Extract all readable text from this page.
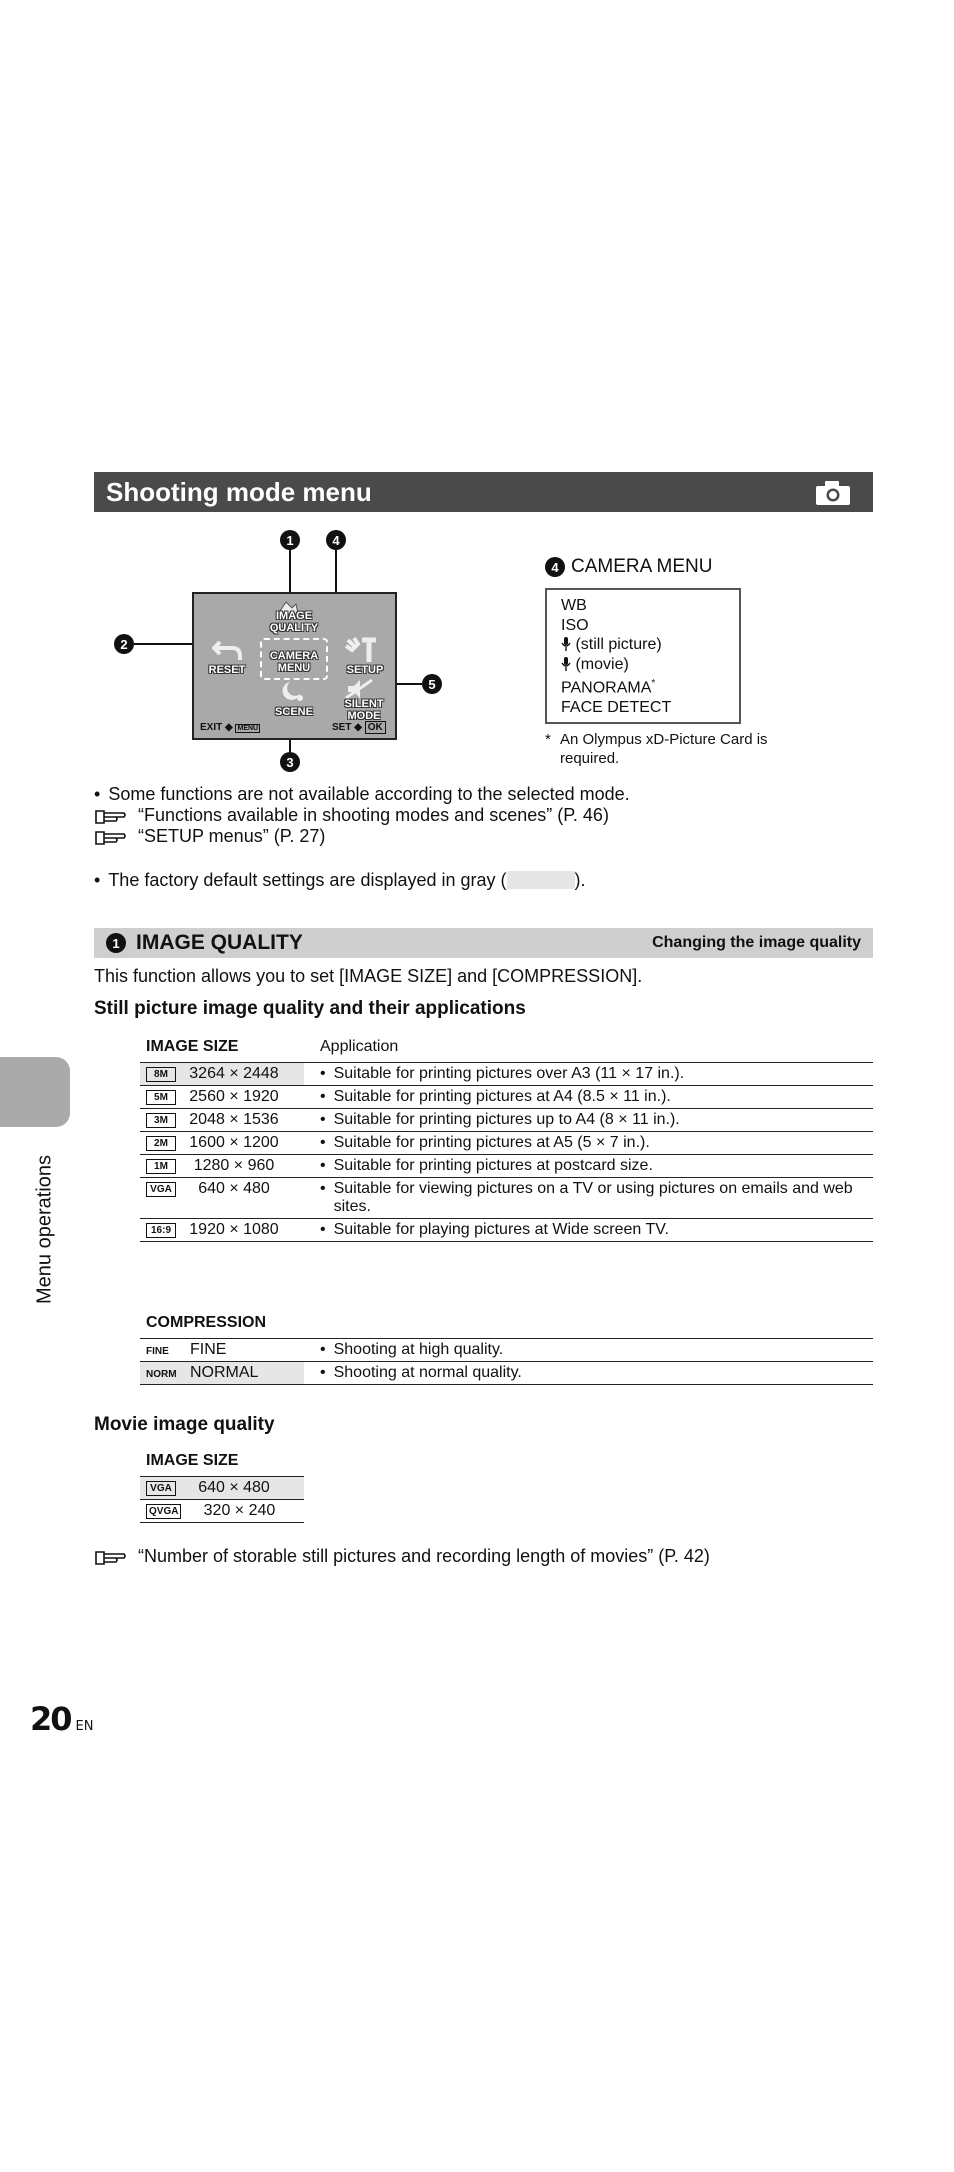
Shooting mode menu
1	4
2
5
3
IMAGE
QUALITY
CAMERA
MENU
RESET	SETUP
SCENE
SILENT
MODE
EXIT ◆ MENU	SET ◆ OK
4 CAMERA MENU
WB
ISO
(still picture)
(movie)
PANORAMA*
FACE DETECT
* An Olympus xD-Picture Card is required.
• Some functions are not available according to the selected mode.
“Functions available in shooting modes and scenes” (P. 46)
“SETUP menus” (P. 27)
• The factory default settings are displayed in gray (	).
1 IMAGE QUALITY	Changing the image quality
This function allows you to set [IMAGE SIZE] and [COMPRESSION].
Still picture image quality and their applications
IMAGE SIZE	Application
8M 3264 × 2448	• Suitable for printing pictures over A3 (11 × 17 in.).

5M 2560 × 1920	• Suitable for printing pictures at A4 (8.5 × 11 in.).

3M 2048 × 1536	• Suitable for printing pictures up to A4 (8 × 11 in.).

2M 1600 × 1200	• Suitable for printing pictures at A5 (5 × 7 in.).

1M 1280 × 960	• Suitable for printing pictures at postcard size.

VGA 640 × 480	• Suitable for viewing pictures on a TV or using pictures on emails and web sites.

16:9 1920 × 1080	• Suitable for playing pictures at Wide screen TV.
COMPRESSION	
FINE FINE	• Shooting at high quality.

NORM NORMAL	• Shooting at normal quality.
Movie image quality
IMAGE SIZE
VGA 640 × 480
QVGA 320 × 240
“Number of storable still pictures and recording length of movies” (P. 42)
Menu operations
20 EN
